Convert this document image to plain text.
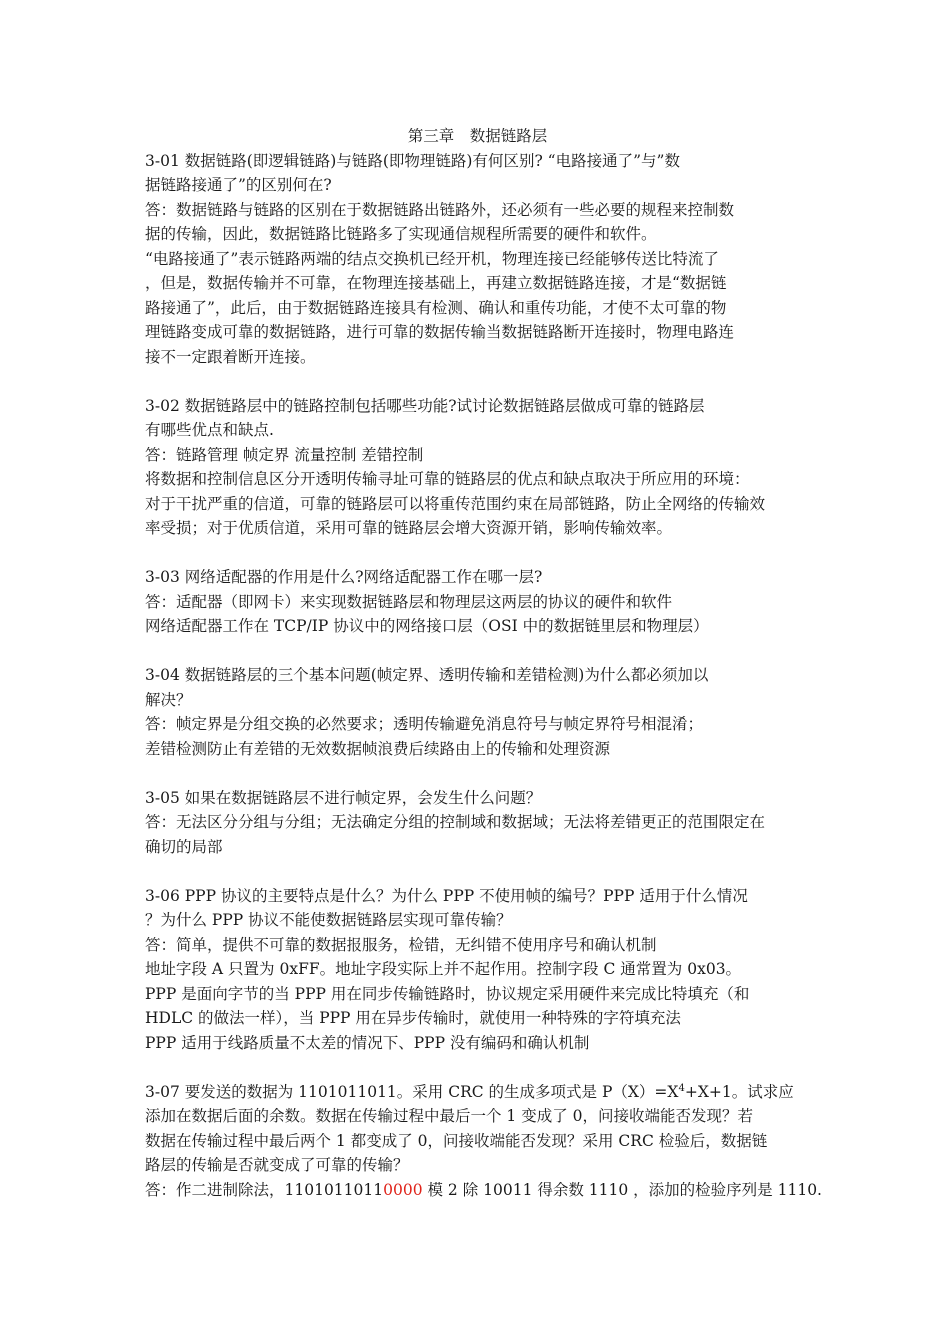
第三章　数据链路层
3-01 数据链路(即逻辑链路)与链路(即物理链路)有何区别? “电路接通了”与”数
据链路接通了”的区别何在?
答：数据链路与链路的区别在于数据链路出链路外，还必须有一些必要的规程来控制数
据的传输，因此，数据链路比链路多了实现通信规程所需要的硬件和软件。
“电路接通了”表示链路两端的结点交换机已经开机，物理连接已经能够传送比特流了
，但是，数据传输并不可靠，在物理连接基础上，再建立数据链路连接，才是“数据链
路接通了”，此后，由于数据链路连接具有检测、确认和重传功能，才使不太可靠的物
理链路变成可靠的数据链路，进行可靠的数据传输当数据链路断开连接时，物理电路连
接不一定跟着断开连接。
3-02 数据链路层中的链路控制包括哪些功能?试讨论数据链路层做成可靠的链路层
有哪些优点和缺点.
答：链路管理 帧定界 流量控制 差错控制
将数据和控制信息区分开透明传输寻址可靠的链路层的优点和缺点取决于所应用的环境：
对于干扰严重的信道，可靠的链路层可以将重传范围约束在局部链路，防止全网络的传输效
率受损；对于优质信道，采用可靠的链路层会增大资源开销，影响传输效率。
3-03 网络适配器的作用是什么?网络适配器工作在哪一层?
答：适配器（即网卡）来实现数据链路层和物理层这两层的协议的硬件和软件
网络适配器工作在 TCP/IP 协议中的网络接口层（OSI 中的数据链里层和物理层）
3-04 数据链路层的三个基本问题(帧定界、透明传输和差错检测)为什么都必须加以
解决？
答：帧定界是分组交换的必然要求；透明传输避免消息符号与帧定界符号相混淆；
差错检测防止有差错的无效数据帧浪费后续路由上的传输和处理资源
3-05 如果在数据链路层不进行帧定界，会发生什么问题？
答：无法区分分组与分组；无法确定分组的控制域和数据域；无法将差错更正的范围限定在
确切的局部
3-06 PPP 协议的主要特点是什么？为什么 PPP 不使用帧的编号？PPP 适用于什么情况
？为什么 PPP 协议不能使数据链路层实现可靠传输？
答：简单，提供不可靠的数据报服务，检错，无纠错不使用序号和确认机制
地址字段 A 只置为 0xFF。地址字段实际上并不起作用。控制字段 C 通常置为 0x03。
PPP 是面向字节的当 PPP 用在同步传输链路时，协议规定采用硬件来完成比特填充（和
HDLC 的做法一样），当 PPP 用在异步传输时，就使用一种特殊的字符填充法
PPP 适用于线路质量不太差的情况下、PPP 没有编码和确认机制
3-07 要发送的数据为 1101011011。采用 CRC 的生成多项式是 $P(X)=X^4+X+1$。试求应
添加在数据后面的余数。数据在传输过程中最后一个 1 变成了 0，问接收端能否发现？若
数据在传输过程中最后两个 1 都变成了 0，问接收端能否发现？采用 CRC 检验后，数据链
路层的传输是否就变成了可靠的传输？
答：作二进制除法，11010110110000 模 2 除 10011 得余数 1110 ，添加的检验序列是 1110.
